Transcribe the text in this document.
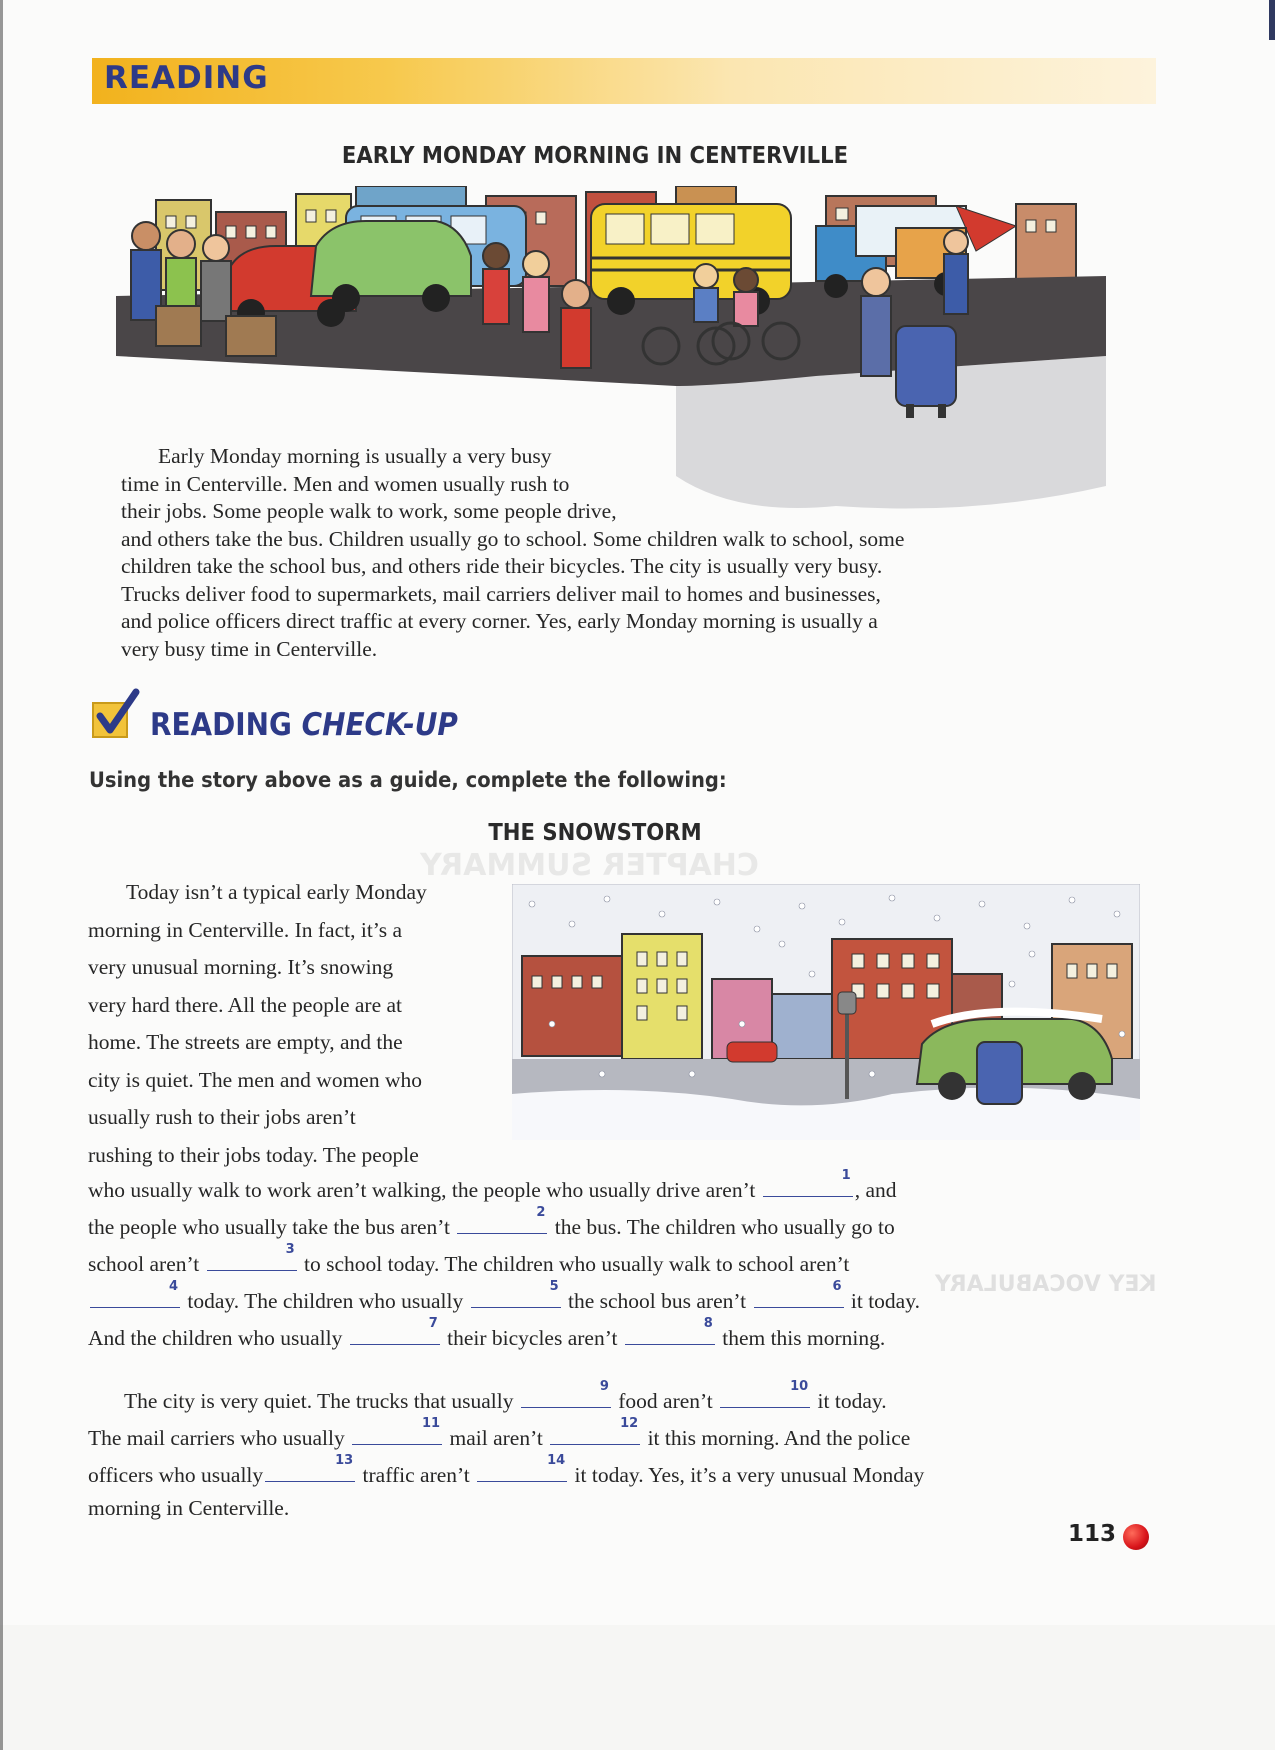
CHAPTER SUMMARY
KEY VOCABULARY
READING
EARLY MONDAY MORNING IN CENTERVILLE

Early Monday morning is usually a very busy

time in Centerville. Men and women usually rush to

their jobs. Some people walk to work, some people drive,

and others take the bus. Children usually go to school. Some children walk to school, some

children take the school bus, and others ride their bicycles. The city is usually very busy.

Trucks deliver food to supermarkets, mail carriers deliver mail to homes and businesses,

and police officers direct traffic at every corner. Yes, early Monday morning is usually a

very busy time in Centerville.

READING CHECK-UP
Using the story above as a guide, complete the following:
THE SNOWSTORM
Today isn’t a typical early Monday
morning in Centerville. In fact, it’s a
very unusual morning. It’s snowing
very hard there. All the people are at
home. The streets are empty, and the
city is quiet. The men and women who
usually rush to their jobs aren’t
rushing to their jobs today. The people
who usually walk to work aren’t walking, the people who usually drive aren’t
1
, and
the people who usually take the bus aren’t
2
the bus. The children who usually go to
school aren’t
3
to school today. The children who usually walk to school aren’t
4
today. The children who usually
5
the school bus aren’t
6
it today.
And the children who usually
7
their bicycles aren’t
8
them this morning.
The city is very quiet. The trucks that usually
9
food aren’t
10
it today.
The mail carriers who usually
11
mail aren’t
12
it this morning. And the police
officers who usually
13
traffic aren’t
14
it today. Yes, it’s a very unusual Monday
morning in Centerville.
113
